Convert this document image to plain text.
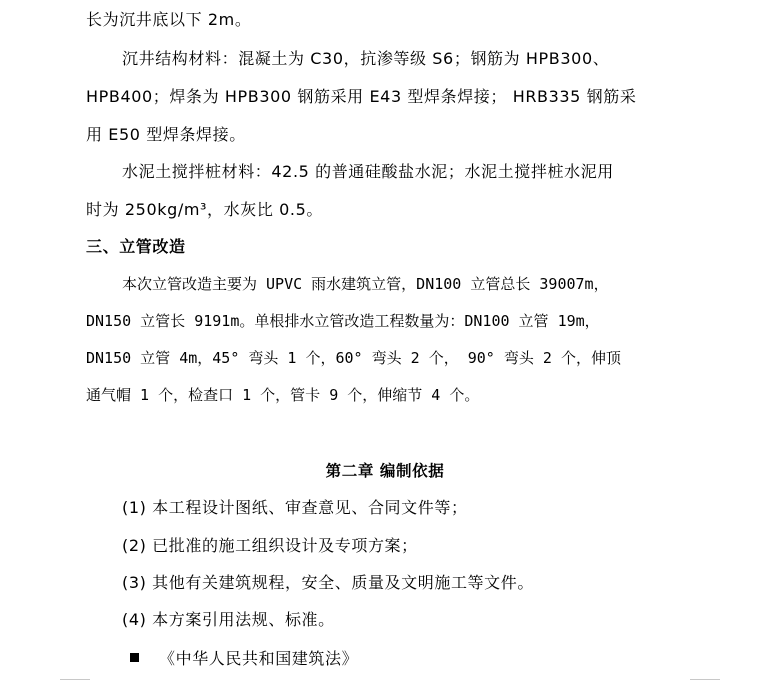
长为沉井底以下 2m。
沉井结构材料：混凝土为 C30，抗渗等级 S6；钢筋为 HPB300、
HPB400；焊条为 HPB300 钢筋采用 E43 型焊条焊接； HRB335 钢筋采
用 E50 型焊条焊接。
水泥土搅拌桩材料：42.5 的普通硅酸盐水泥；水泥土搅拌桩水泥用
时为 250kg/m³，水灰比 0.5。
三、立管改造
本次立管改造主要为 UPVC 雨水建筑立管，DN100 立管总长 39007m，
DN150 立管长 9191m。单根排水立管改造工程数量为：DN100 立管 19m，
DN150 立管 4m，45° 弯头 1 个，60° 弯头 2 个， 90° 弯头 2 个，伸顶
通气帽 1 个，检查口 1 个，管卡 9 个，伸缩节 4 个。
第二章 编制依据
(1) 本工程设计图纸、审查意见、合同文件等；
(2) 已批准的施工组织设计及专项方案；
(3) 其他有关建筑规程，安全、质量及文明施工等文件。
(4) 本方案引用法规、标准。
《中华人民共和国建筑法》
